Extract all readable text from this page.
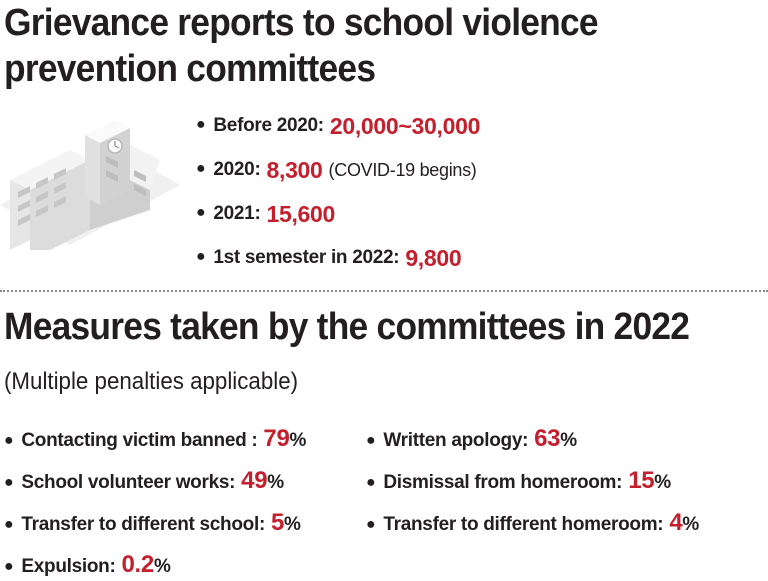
Grievance reports to school violence
prevention committees
● Before 2020: 20,000~30,000
● 2020: 8,300 (COVID-19 begins)
● 2021: 15,600
● 1st semester in 2022: 9,800
Measures taken by the committees in 2022
(Multiple penalties applicable)
● Contacting victim banned : 79 %	● Written apology: 63 %
● School volunteer works: 49 %	● Dismissal from homeroom: 15 %
● Transfer to different school: 5 %	● Transfer to different homeroom: 4 %
● Expulsion: 0.2 %
